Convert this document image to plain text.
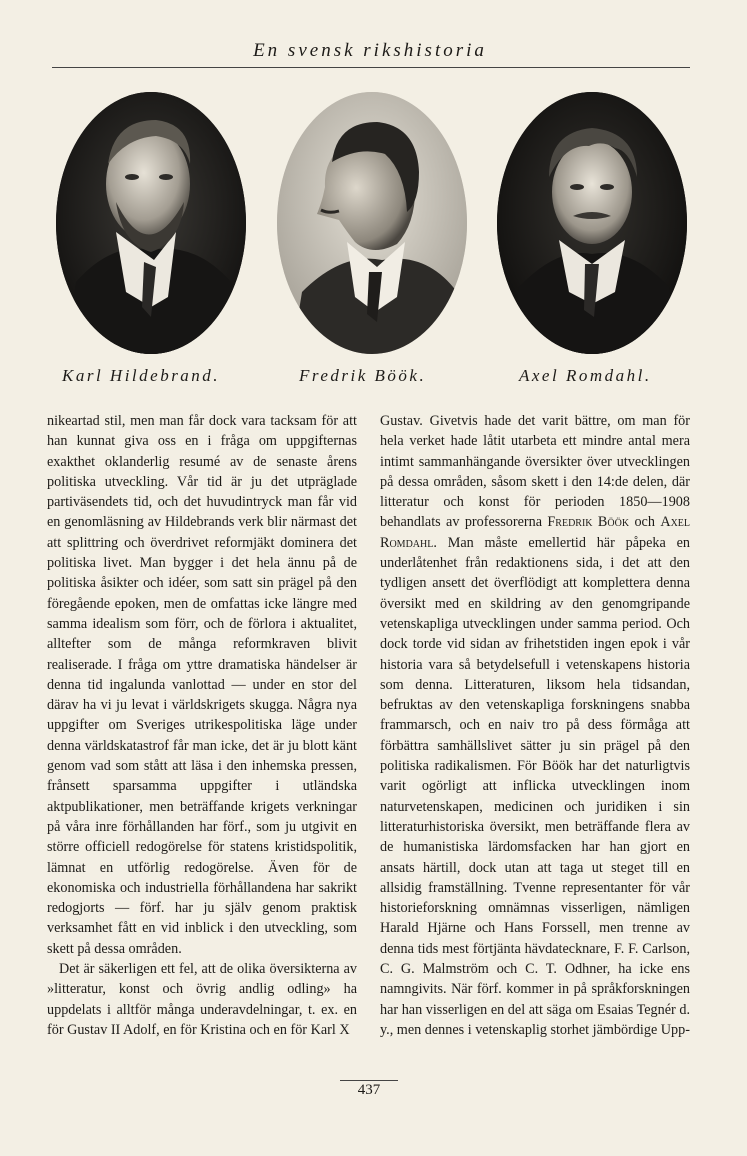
En svensk rikshistoria
Karl Hildebrand.	Fredrik Böök.	Axel Romdahl.

nikeartad stil, men man får dock vara tacksam för att han kunnat giva oss en i fråga om uppgifternas exakthet oklanderlig resumé av de senaste årens politiska utveckling. Vår tid är ju det utpräglade partiväsendets tid, och det huvudintryck man får vid en genomläsning av Hildebrands verk blir närmast det att splittring och överdrivet reformjäkt dominera det politiska livet. Man bygger i det hela ännu på de politiska åsikter och idéer, som satt sin prägel på den föregående epoken, men de omfattas icke längre med samma idealism som förr, och de förlora i aktualitet, alltefter som de många reformkraven blivit realiserade. I fråga om yttre dramatiska händelser är denna tid ingalunda vanlottad — under en stor del därav ha vi ju levat i världskrigets skugga. Några nya uppgifter om Sveriges utrikespolitiska läge under denna världskatastrof får man icke, det är ju blott känt genom vad som stått att läsa i den inhemska pressen, frånsett sparsamma uppgifter i utländska aktpublikationer, men beträffande krigets verkningar på våra inre förhållanden har förf., som ju utgivit en större officiell redogörelse för statens kristidspolitik, lämnat en utförlig redogörelse. Även för de ekonomiska och industriella förhållandena har sakrikt redogjorts — förf. har ju själv genom praktisk verksamhet fått en vid inblick i den utveckling, som skett på dessa områden.

Det är säkerligen ett fel, att de olika översikterna av »litteratur, konst och övrig andlig odling» ha uppdelats i alltför många underavdelningar, t. ex. en för Gustav II Adolf, en för Kristina och en för Karl X

Gustav. Givetvis hade det varit bättre, om man för hela verket hade låtit utarbeta ett mindre antal mera intimt sammanhängande översikter över utvecklingen på dessa områden, såsom skett i den 14:de delen, där litteratur och konst för perioden 1850—1908 behandlats av professorerna Fredrik Böök och Axel Romdahl. Man måste emellertid här påpeka en underlåtenhet från redaktionens sida, i det att den tydligen ansett det överflödigt att komplettera denna översikt med en skildring av den genomgripande vetenskapliga utvecklingen under samma period. Och dock torde vid sidan av frihetstiden ingen epok i vår historia vara så betydelsefull i vetenskapens historia som denna. Litteraturen, liksom hela tidsandan, befruktas av den vetenskapliga forskningens snabba frammarsch, och en naiv tro på dess förmåga att förbättra samhällslivet sätter ju sin prägel på den politiska radikalismen. För Böök har det naturligtvis varit ogörligt att inflicka utvecklingen inom naturvetenskapen, medicinen och juridiken i sin litteraturhistoriska översikt, men beträffande flera av de humanistiska lärdomsfacken har han gjort en ansats härtill, dock utan att taga ut steget till en allsidig framställning. Tvenne representanter för vår historieforskning omnämnas visserligen, nämligen Harald Hjärne och Hans Forssell, men trenne av denna tids mest förtjänta hävdatecknare, F. F. Carlson, C. G. Malmström och C. T. Odhner, ha icke ens namngivits. När förf. kommer in på språkforskningen har han visserligen en del att säga om Esaias Tegnér d. y., men dennes i vetenskaplig storhet jämbördige Upp-

437
